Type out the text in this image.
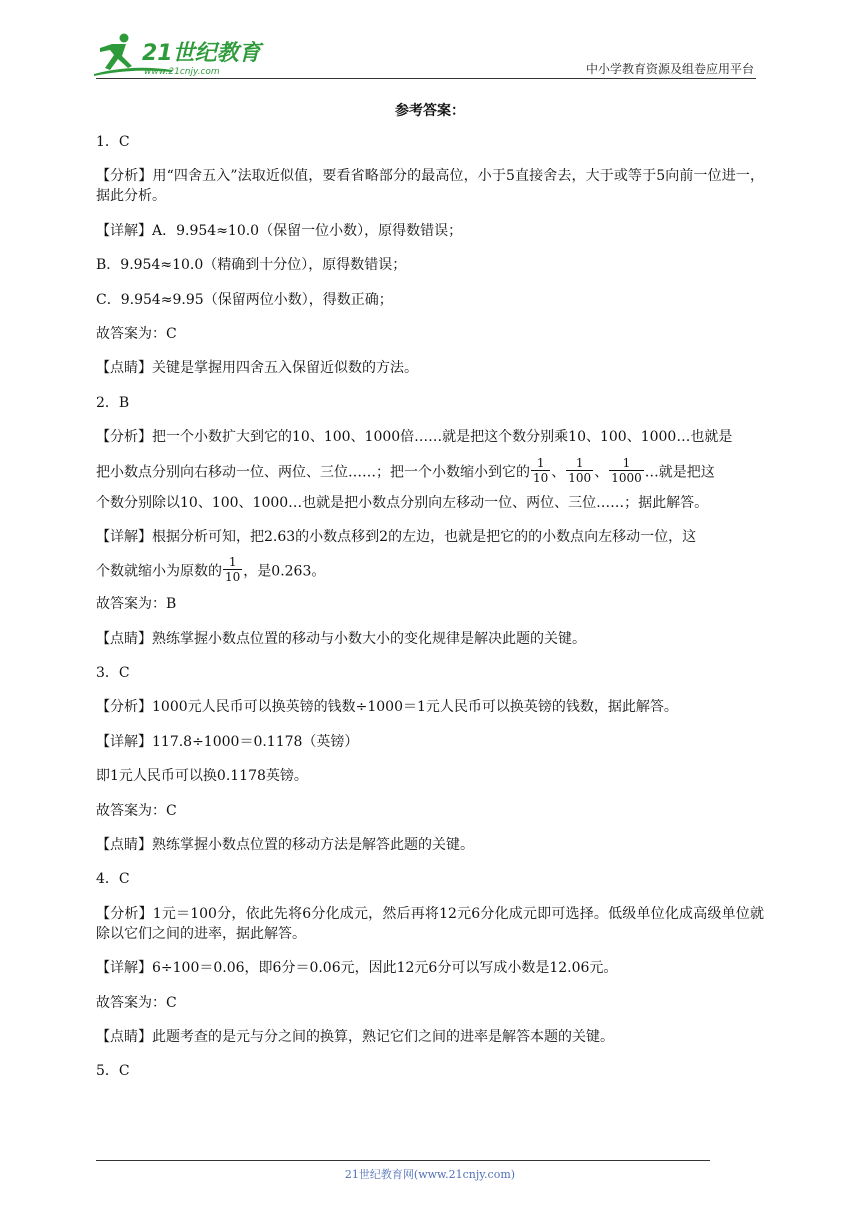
21世纪教育
www.21cnjy.com	中小学教育资源及组卷应用平台
参考答案：
1．C
【分析】用“四舍五入”法取近似值，要看省略部分的最高位，小于5直接舍去，大于或等于5向前一位进一，据此分析。
【详解】A．9.954≈10.0（保留一位小数），原得数错误；
B．9.954≈10.0（精确到十分位），原得数错误；
C．9.954≈9.95（保留两位小数），得数正确；
故答案为：C
【点睛】关键是掌握用四舍五入保留近似数的方法。
2．B
【分析】把一个小数扩大到它的10、100、1000倍……就是把这个数分别乘10、100、1000…也就是
把小数点分别向右移动一位、两位、三位……；把一个小数缩小到它的 $\frac{1}{10}$ 、 $\frac{1}{100}$ 、 $\frac{1}{1000}$ …就是把这
个数分别除以10、100、1000…也就是把小数点分别向左移动一位、两位、三位……；据此解答。
【详解】根据分析可知，把2.63的小数点移到2的左边，也就是把它的的小数点向左移动一位，这
个数就缩小为原数的 $\frac{1}{10}$ ，是0.263。
故答案为：B
【点睛】熟练掌握小数点位置的移动与小数大小的变化规律是解决此题的关键。
3．C
【分析】1000元人民币可以换英镑的钱数÷1000＝1元人民币可以换英镑的钱数，据此解答。
【详解】117.8÷1000＝0.1178（英镑）
即1元人民币可以换0.1178英镑。
故答案为：C
【点睛】熟练掌握小数点位置的移动方法是解答此题的关键。
4．C
【分析】1元＝100分，依此先将6分化成元，然后再将12元6分化成元即可选择。低级单位化成高级单位就除以它们之间的进率，据此解答。
【详解】6÷100＝0.06，即6分＝0.06元，因此12元6分可以写成小数是12.06元。
故答案为：C
【点睛】此题考查的是元与分之间的换算，熟记它们之间的进率是解答本题的关键。
5．C
21世纪教育网(www.21cnjy.com)
